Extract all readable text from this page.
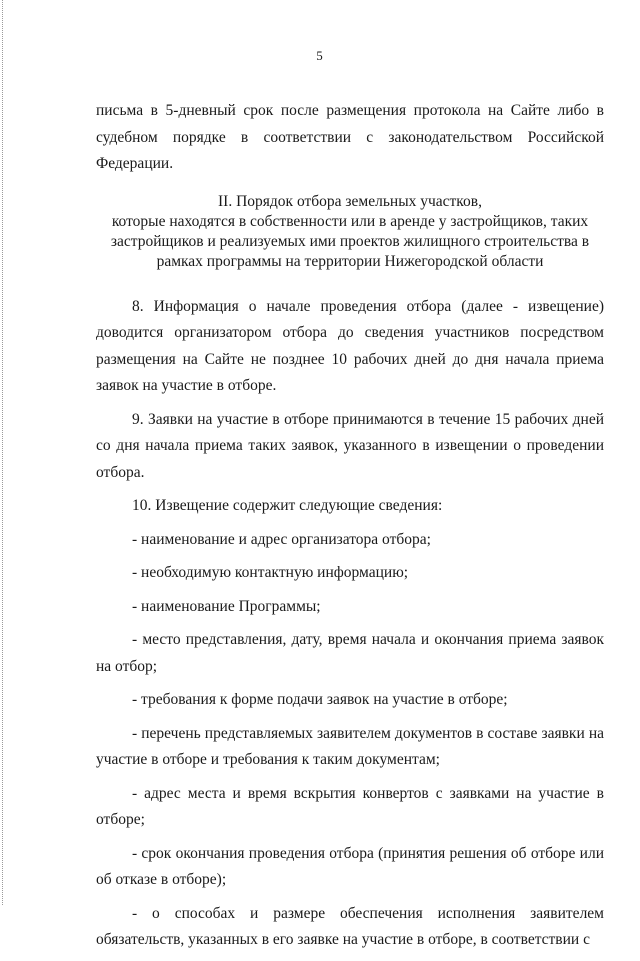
5

письма в 5-дневный срок после размещения протокола на Сайте либо в судебном порядке в соответствии с законодательством Российской Федерации.

II. Порядок отбора земельных участков,
которые находятся в собственности или в аренде у застройщиков, таких
застройщиков и реализуемых ими проектов жилищного строительства в
рамках программы на территории Нижегородской области

8. Информация о начале проведения отбора (далее - извещение) доводится организатором отбора до сведения участников посредством размещения на Сайте не позднее 10 рабочих дней до дня начала приема заявок на участие в отборе.

9. Заявки на участие в отборе принимаются в течение 15 рабочих дней со дня начала приема таких заявок, указанного в извещении о проведении отбора.

10. Извещение содержит следующие сведения:

- наименование и адрес организатора отбора;

- необходимую контактную информацию;

- наименование Программы;

- место представления, дату, время начала и окончания приема заявок на отбор;

- требования к форме подачи заявок на участие в отборе;

- перечень представляемых заявителем документов в составе заявки на участие в отборе и требования к таким документам;

- адрес места и время вскрытия конвертов с заявками на участие в отборе;

- срок окончания проведения отбора (принятия решения об отборе или об отказе в отборе);

- о способах и размере обеспечения исполнения заявителем обязательств, указанных в его заявке на участие в отборе, в соответствии с
